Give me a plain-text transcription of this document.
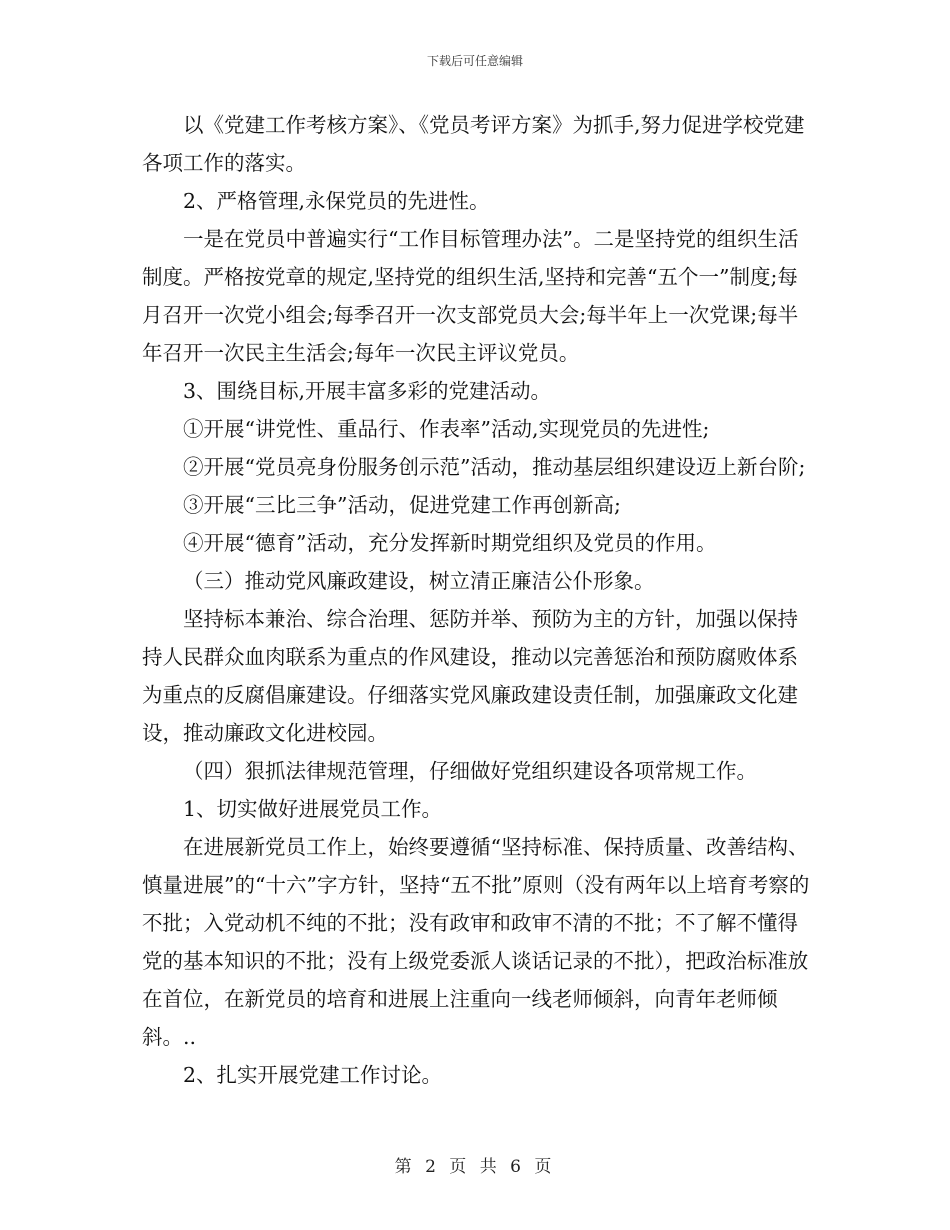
下载后可任意编辑

以《党建工作考核方案》、《党员考评方案》为抓手,努力促进学校党建各项工作的落实。

2、严格管理,永保党员的先进性。

一是在党员中普遍实行“工作目标管理办法”。二是坚持党的组织生活制度。严格按党章的规定,坚持党的组织生活,坚持和完善“五个一”制度;每月召开一次党小组会;每季召开一次支部党员大会;每半年上一次党课;每半年召开一次民主生活会;每年一次民主评议党员。

3、围绕目标,开展丰富多彩的党建活动。

①开展“讲党性、重品行、作表率”活动,实现党员的先进性;

②开展“党员亮身份服务创示范”活动，推动基层组织建设迈上新台阶;

③开展“三比三争”活动，促进党建工作再创新高;

④开展“德育”活动，充分发挥新时期党组织及党员的作用。

（三）推动党风廉政建设，树立清正廉洁公仆形象。

坚持标本兼治、综合治理、惩防并举、预防为主的方针，加强以保持持人民群众血肉联系为重点的作风建设，推动以完善惩治和预防腐败体系为重点的反腐倡廉建设。仔细落实党风廉政建设责任制，加强廉政文化建设，推动廉政文化进校园。

（四）狠抓法律规范管理，仔细做好党组织建设各项常规工作。

1、切实做好进展党员工作。

在进展新党员工作上，始终要遵循“坚持标准、保持质量、改善结构、慎量进展”的“十六”字方针，坚持“五不批”原则（没有两年以上培育考察的不批；入党动机不纯的不批；没有政审和政审不清的不批；不了解不懂得党的基本知识的不批；没有上级党委派人谈话记录的不批），把政治标准放在首位，在新党员的培育和进展上注重向一线老师倾斜，向青年老师倾斜。..

2、扎实开展党建工作讨论。

第 2 页 共 6 页
